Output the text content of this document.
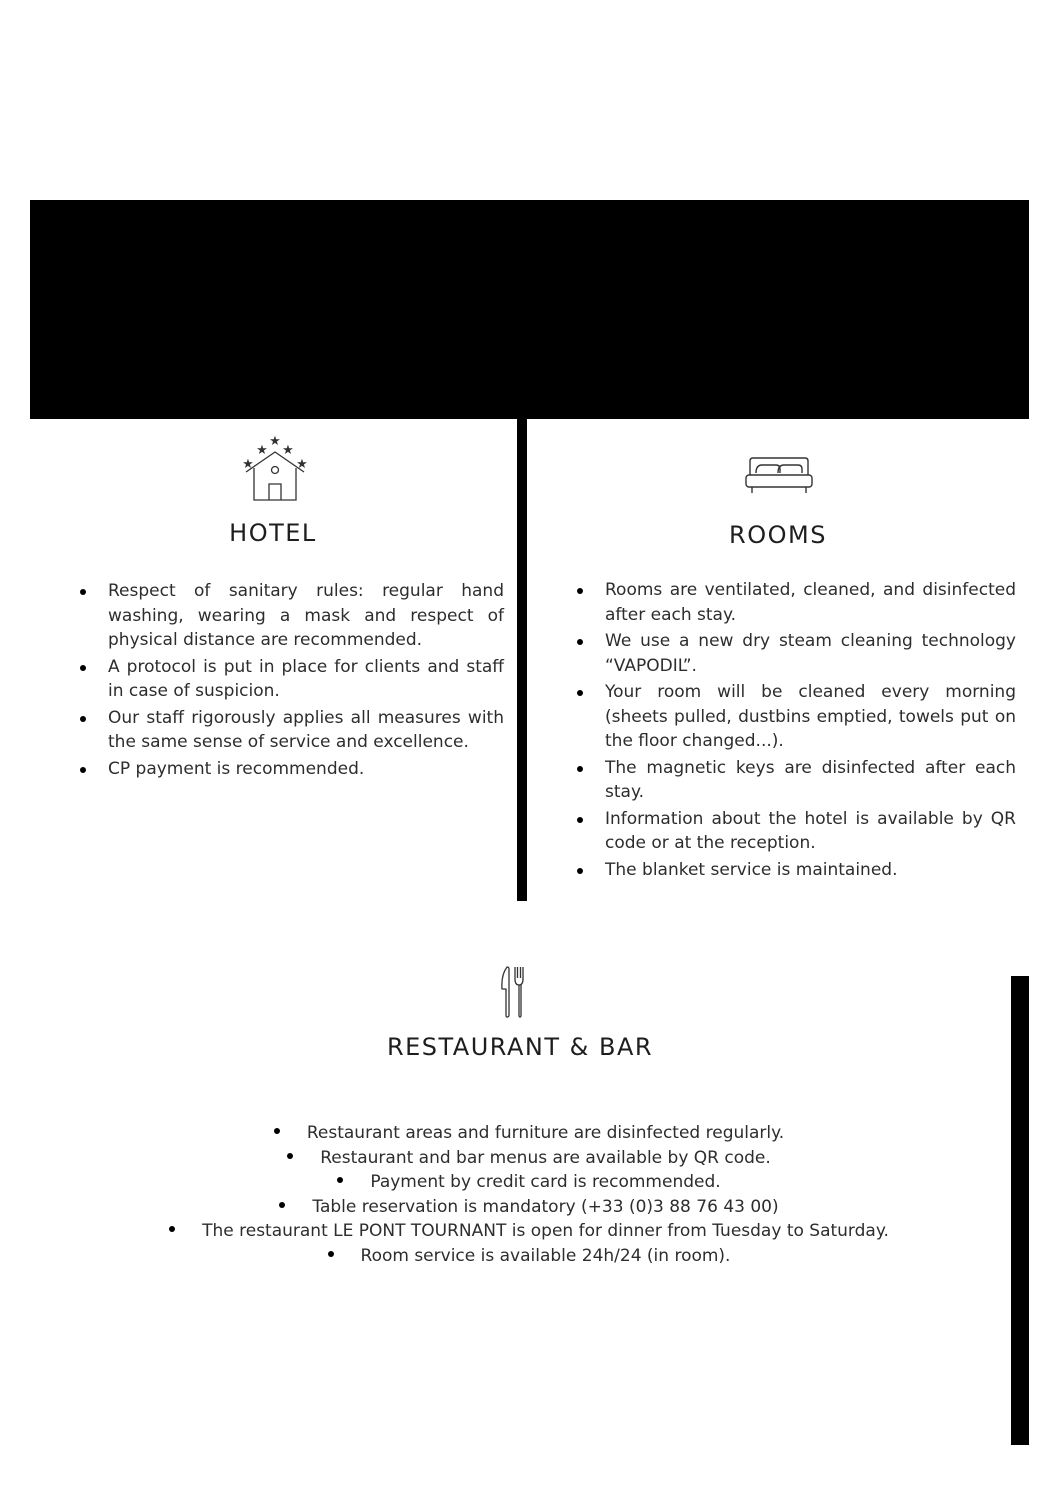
★
★ ★
★	★
HOTEL
Respect of sanitary rules: regular hand washing, wearing a mask and respect of physical distance are recommended.
A protocol is put in place for clients and staff in case of suspicion.
Our staff rigorously applies all measures with the same sense of service and excellence.
CP payment is recommended.
ROOMS
Rooms are ventilated, cleaned, and disinfected after each stay.
We use a new dry steam cleaning technology “VAPODIL”.
Your room will be cleaned every morning (sheets pulled, dustbins emptied, towels put on the floor changed...).
The magnetic keys are disinfected after each stay.
Information about the hotel is available by QR code or at the reception.
The blanket service is maintained.
RESTAURANT & BAR
Restaurant areas and furniture are disinfected regularly.
Restaurant and bar menus are available by QR code.
Payment by credit card is recommended.
Table reservation is mandatory (+33 (0)3 88 76 43 00)
The restaurant LE PONT TOURNANT is open for dinner from Tuesday to Saturday.
Room service is available 24h/24 (in room).
